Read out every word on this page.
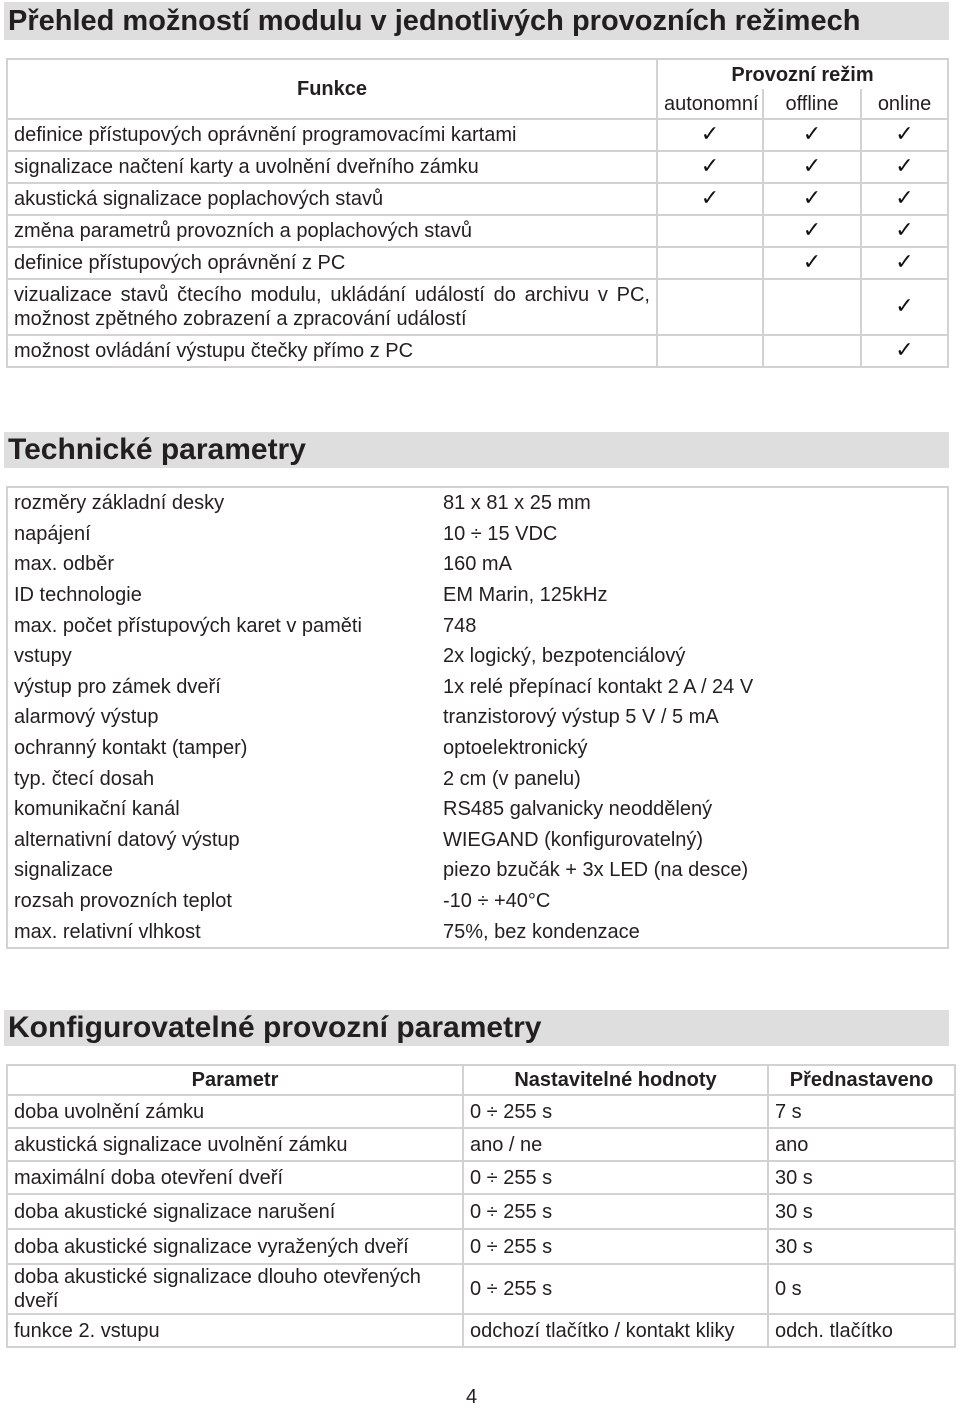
Přehled možností modulu v jednotlivých provozních režimech
Funkce	Provozní režim		
	autonomní	offline	online
definice přístupových oprávnění programovacími kartami	✓	✓	✓
signalizace načtení karty a uvolnění dveřního zámku	✓	✓	✓
akustická signalizace poplachových stavů	✓	✓	✓
změna parametrů provozních a poplachových stavů		✓	✓
definice přístupových oprávnění z PC		✓	✓
vizualizace stavů čtecího modulu, ukládání událostí do archivu v PC, možnost zpětného zobrazení a zpracování událostí			✓
možnost ovládání výstupu čtečky přímo z PC			✓
Technické parametry
rozměry základní desky	81 x 81 x 25 mm
napájení	10 ÷ 15 VDC
max. odběr	160 mA
ID technologie	EM Marin, 125kHz
max. počet přístupových karet v paměti	748
vstupy	2x logický, bezpotenciálový
výstup pro zámek dveří	1x relé přepínací kontakt 2 A / 24 V
alarmový výstup	tranzistorový výstup 5 V / 5 mA
ochranný kontakt (tamper)	optoelektronický
typ. čtecí dosah	2 cm (v panelu)
komunikační kanál	RS485 galvanicky neoddělený
alternativní datový výstup	WIEGAND (konfigurovatelný)
signalizace	piezo bzučák + 3x LED (na desce)
rozsah provozních teplot	-10 ÷ +40°C
max. relativní vlhkost	75%, bez kondenzace
Konfigurovatelné provozní parametry
Parametr	Nastavitelné hodnoty	Přednastaveno
doba uvolnění zámku	0 ÷ 255 s	7 s
akustická signalizace uvolnění zámku	ano / ne	ano
maximální doba otevření dveří	0 ÷ 255 s	30 s
doba akustické signalizace narušení	0 ÷ 255 s	30 s
doba akustické signalizace vyražených dveří	0 ÷ 255 s	30 s
doba akustické signalizace dlouho otevřených dveří	0 ÷ 255 s	0 s
funkce 2. vstupu	odchozí tlačítko / kontakt kliky	odch. tlačítko
4
